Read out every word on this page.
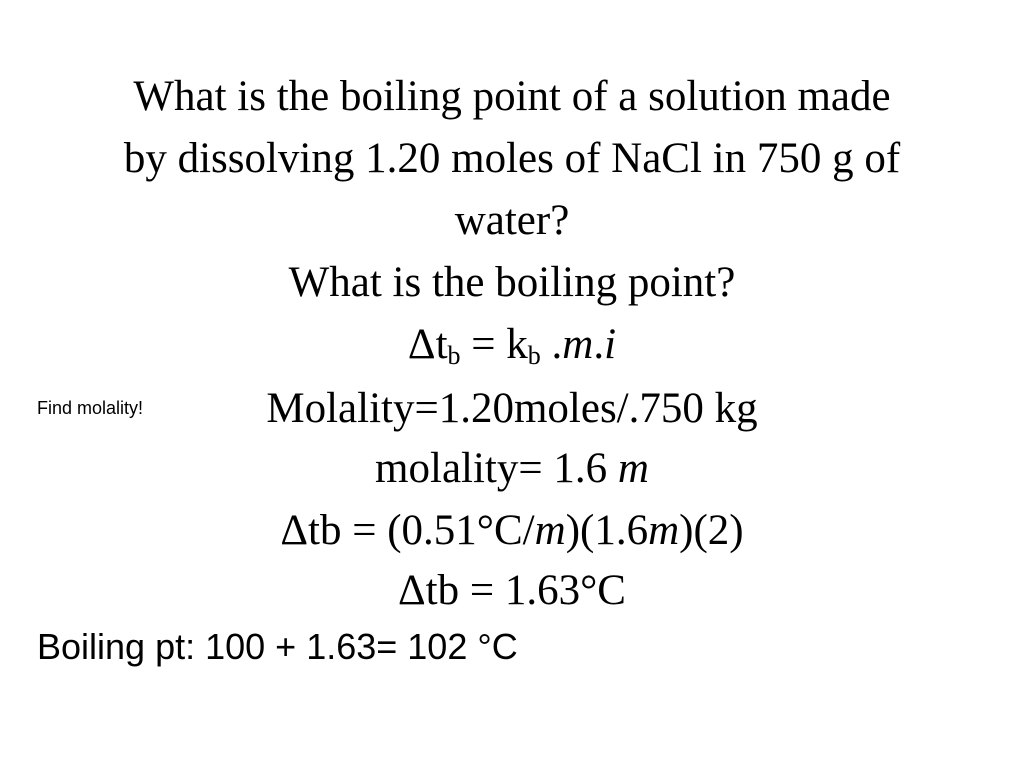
What is the boiling point of a solution made
by dissolving 1.20 moles of NaCl in 750 g of
water?
What is the boiling point?
$\Delta t_b = k_b$ .m.i
Find molality!	Molality=1.20moles/.750 kg
molality= 1.6 m
Δtb = (0.51°C/m)(1.6m)(2)
Δtb = 1.63°C
Boiling pt: 100 + 1.63= 102 °C
